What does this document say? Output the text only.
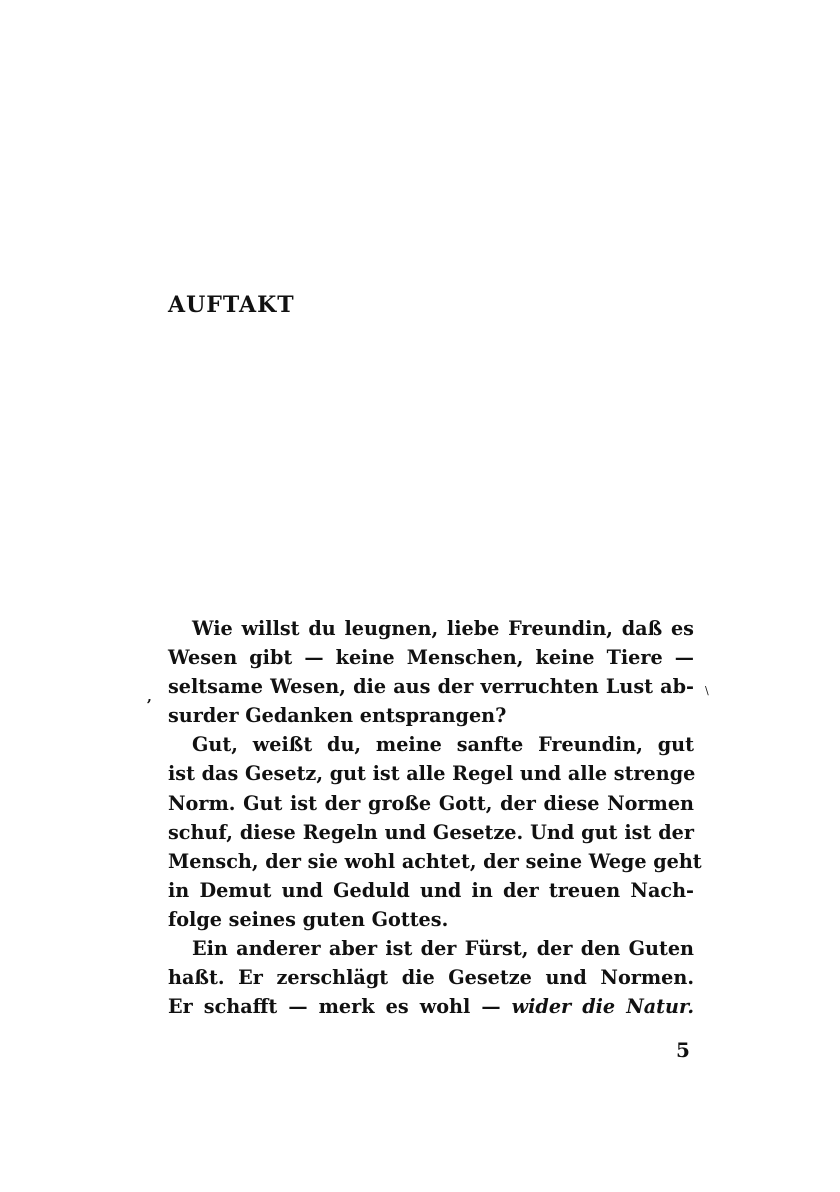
AUFTAKT
Wie willst du leugnen, liebe Freundin, daß es
Wesen gibt — keine Menschen, keine Tiere —
seltsame Wesen, die aus der verruchten Lust ab-
surder Gedanken entsprangen?
Gut, weißt du, meine sanfte Freundin, gut
ist das Gesetz, gut ist alle Regel und alle strenge
Norm. Gut ist der große Gott, der diese Normen
schuf, diese Regeln und Gesetze. Und gut ist der
Mensch, der sie wohl achtet, der seine Wege geht
in Demut und Geduld und in der treuen Nach-
folge seines guten Gottes.
Ein anderer aber ist der Fürst, der den Guten
haßt. Er zerschlägt die Gesetze und Normen.
Er schafft — merk es wohl — wider die Natur.
5
,	\
